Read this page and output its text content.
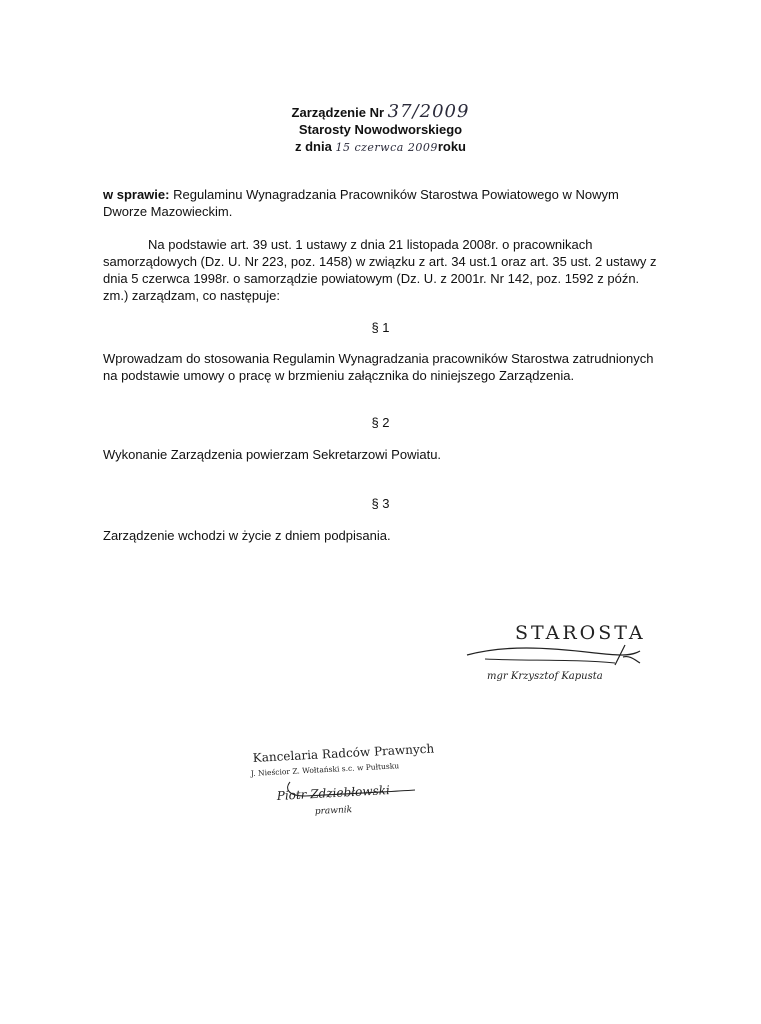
Zarządzenie Nr 37/2009
Starosty Nowodworskiego
z dnia 15 czerwca 2009roku
w sprawie: Regulaminu Wynagradzania Pracowników Starostwa Powiatowego w Nowym Dworze Mazowieckim.
Na podstawie art. 39 ust. 1 ustawy z dnia 21 listopada 2008r. o pracownikach samorządowych (Dz. U. Nr 223, poz. 1458) w związku z art. 34 ust.1 oraz art. 35 ust. 2 ustawy z dnia 5 czerwca 1998r. o samorządzie powiatowym (Dz. U. z 2001r. Nr 142, poz. 1592 z późn. zm.) zarządzam, co następuje:
§ 1
Wprowadzam do stosowania Regulamin Wynagradzania pracowników Starostwa zatrudnionych na podstawie umowy o pracę w brzmieniu załącznika do niniejszego Zarządzenia.
§ 2
Wykonanie Zarządzenia powierzam Sekretarzowi Powiatu.
§ 3
Zarządzenie wchodzi w życie z dniem podpisania.
STAROSTA
mgr Krzysztof Kapusta
Kancelaria Radców Prawnych
J. Nieścior Z. Wołtański s.c. w Pułtusku
Piotr Zdziebłowski
prawnik
